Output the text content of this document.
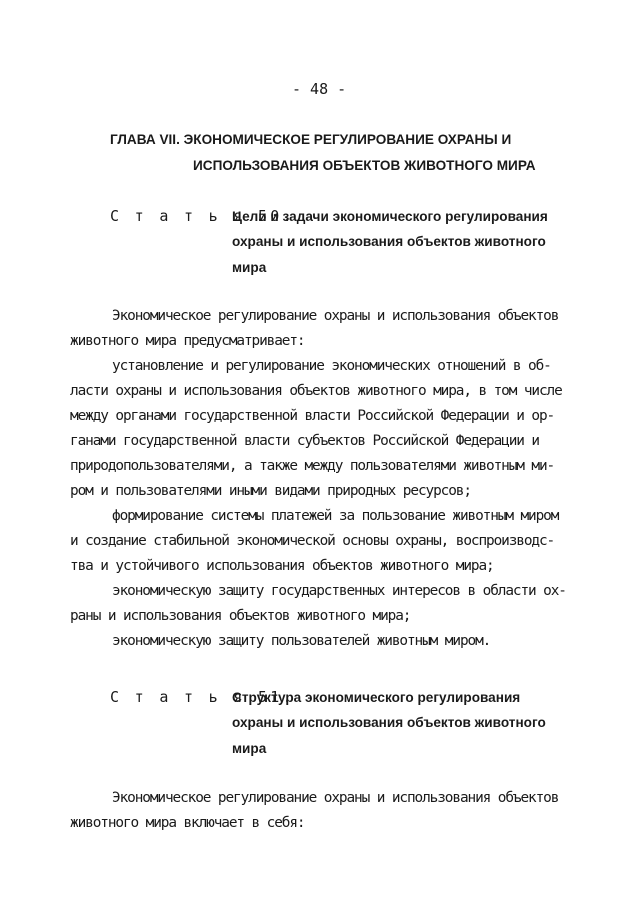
- 48 -
ГЛАВА VII. ЭКОНОМИЧЕСКОЕ РЕГУЛИРОВАНИЕ ОХРАНЫ И
ИСПОЛЬЗОВАНИЯ ОБЪЕКТОВ ЖИВОТНОГО МИРА
С т а т ь я 50.
Цели и задачи экономического регулирования
охраны и использования объектов животного
мира
Экономическое регулирование охраны и использования объектов
животного мира предусматривает:
установление и регулирование экономических отношений в об-
ласти охраны и использования объектов животного мира, в том числе
между органами государственной власти Российской Федерации и ор-
ганами государственной власти субъектов Российской Федерации и
природопользователями, а также между пользователями животным ми-
ром и пользователями иными видами природных ресурсов;
формирование системы платежей за пользование животным миром
и создание стабильной экономической основы охраны, воспроизводс-
тва и устойчивого использования объектов животного мира;
экономическую защиту государственных интересов в области ох-
раны и использования объектов животного мира;
экономическую защиту пользователей животным миром.
С т а т ь я 51.
Структура экономического регулирования
охраны и использования объектов животного
мира
Экономическое регулирование охраны и использования объектов
животного мира включает в себя:
